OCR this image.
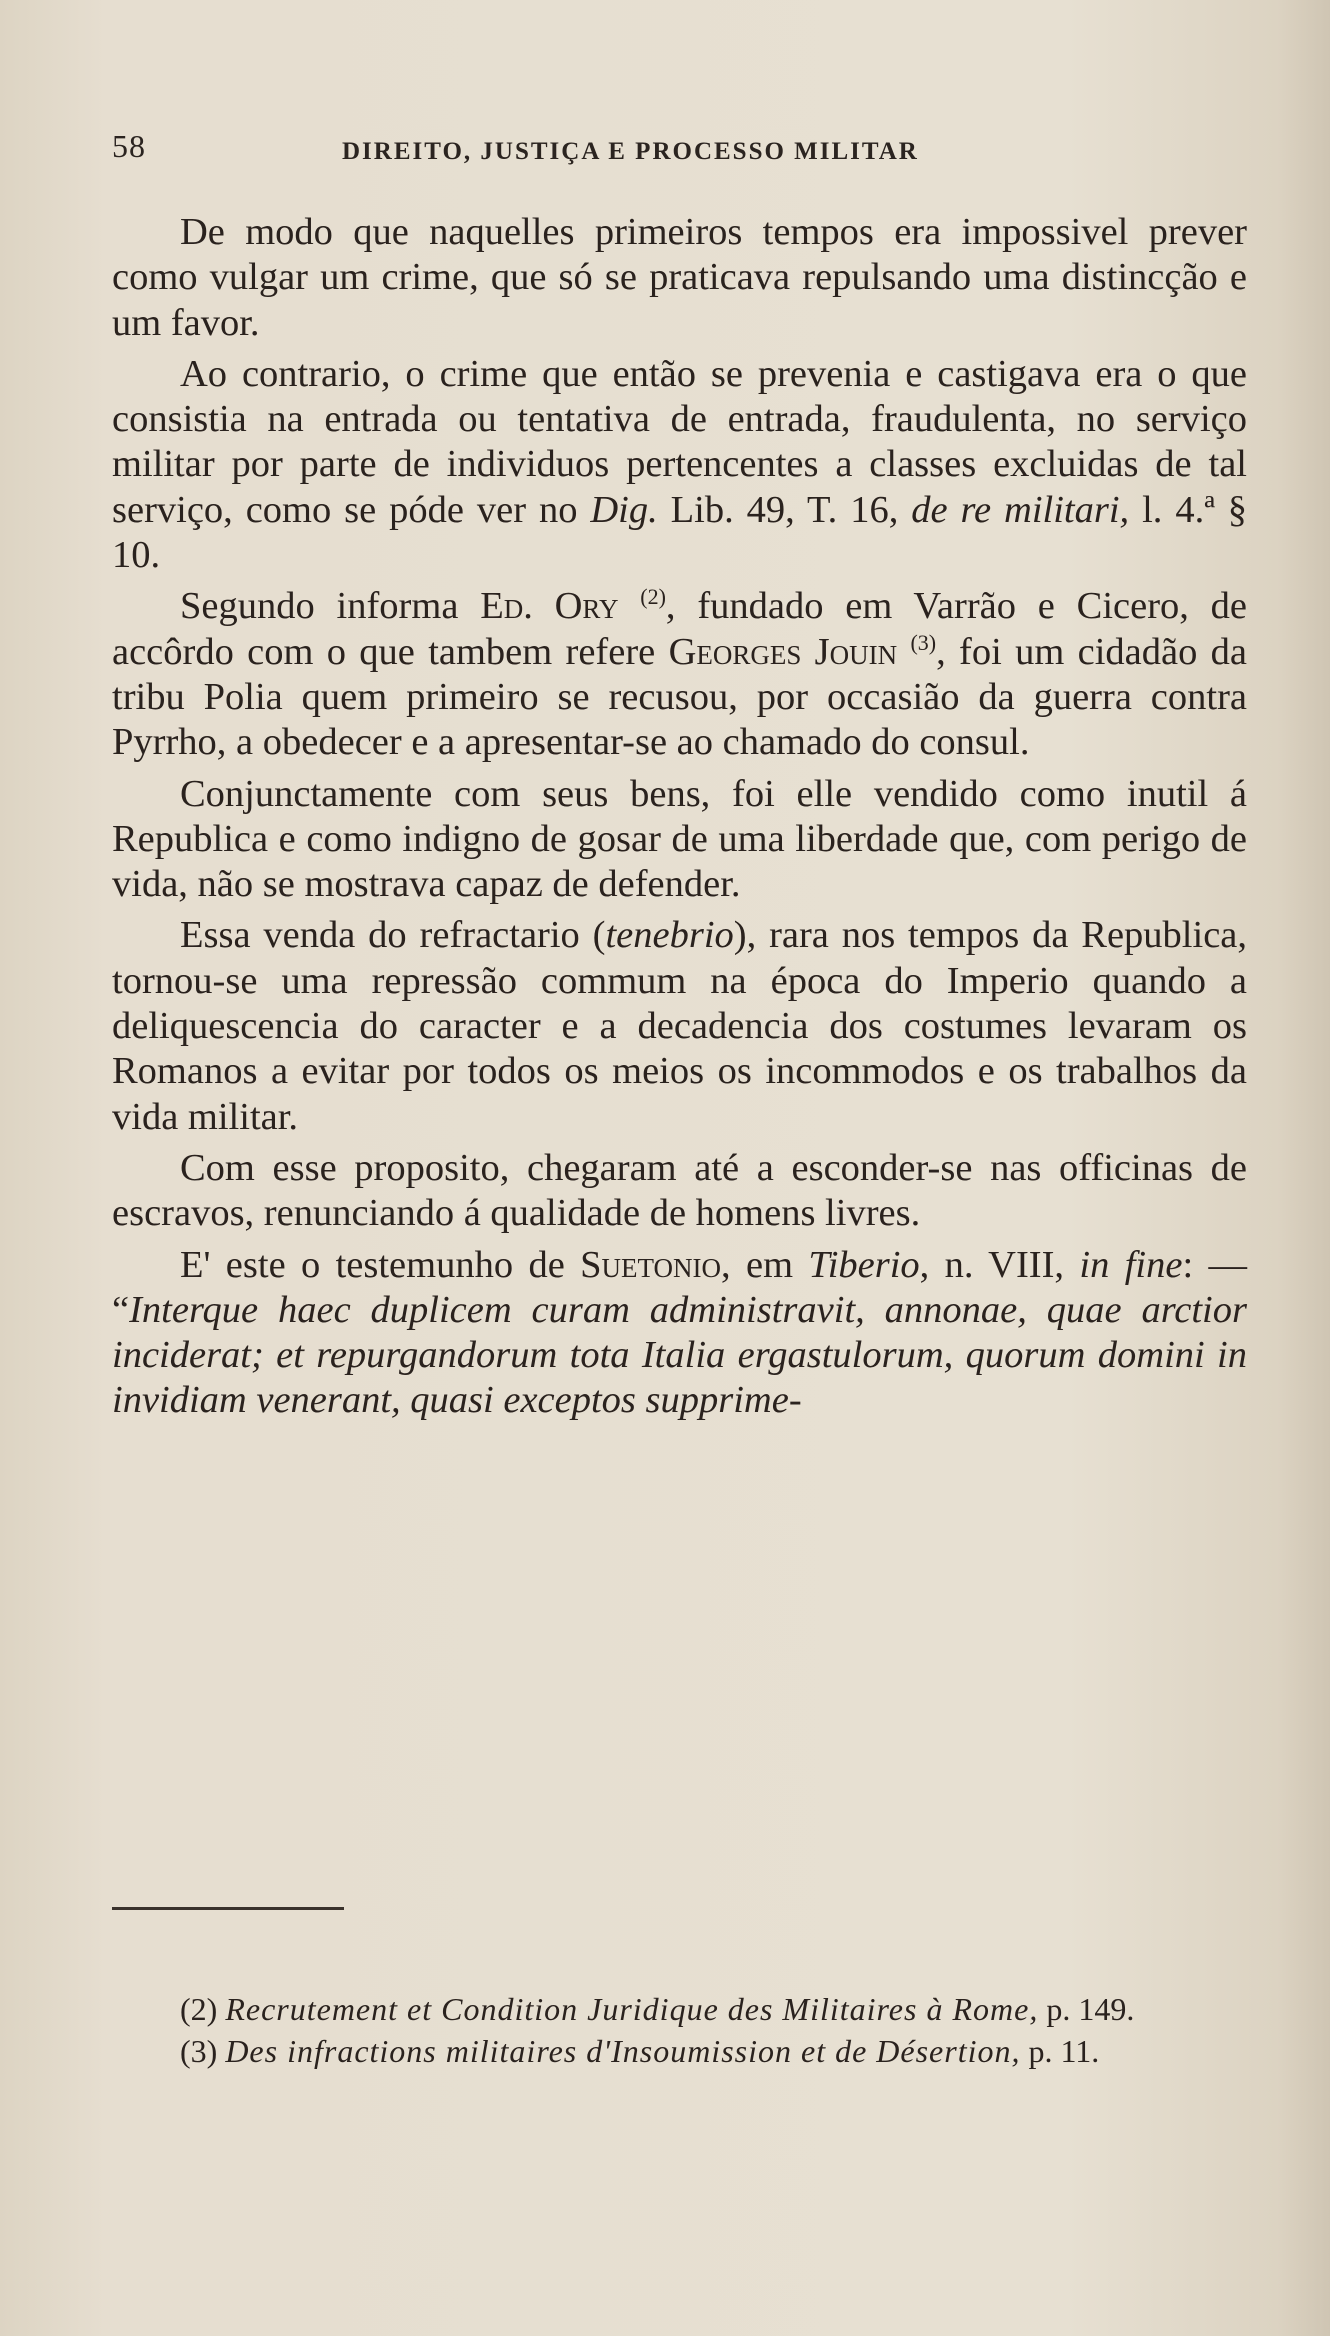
58	DIREITO, JUSTIÇA E PROCESSO MILITAR

De modo que naquelles primeiros tempos era impossivel prever como vulgar um crime, que só se praticava repulsando uma distincção e um favor.

Ao contrario, o crime que então se prevenia e castigava era o que consistia na entrada ou tentativa de entrada, fraudulenta, no serviço militar por parte de individuos pertencentes a classes excluidas de tal serviço, como se póde ver no Dig. Lib. 49, T. 16, de re militari, l. 4.ª § 10.

Segundo informa Ed. Ory $^{(2)}$, fundado em Varrão e Cicero, de accôrdo com o que tambem refere Georges Jouin $^{(3)}$, foi um cidadão da tribu Polia quem primeiro se recusou, por occasião da guerra contra Pyrrho, a obedecer e a apresentar-se ao chamado do consul.

Conjunctamente com seus bens, foi elle vendido como inutil á Republica e como indigno de gosar de uma liberdade que, com perigo de vida, não se mostrava capaz de defender.

Essa venda do refractario (tenebrio), rara nos tempos da Republica, tornou-se uma repressão commum na época do Imperio quando a deliquescencia do caracter e a decadencia dos costumes levaram os Romanos a evitar por todos os meios os incommodos e os trabalhos da vida militar.

Com esse proposito, chegaram até a esconder-se nas officinas de escravos, renunciando á qualidade de homens livres.

E' este o testemunho de Suetonio, em Tiberio, n. VIII, in fine: — “Interque haec duplicem curam administravit, annonae, quae arctior inciderat; et repurgandorum tota Italia ergastulorum, quorum domini in invidiam venerant, quasi exceptos supprime-

(2) Recrutement et Condition Juridique des Militaires à Rome, p. 149.

(3) Des infractions militaires d'Insoumission et de Désertion, p. 11.
